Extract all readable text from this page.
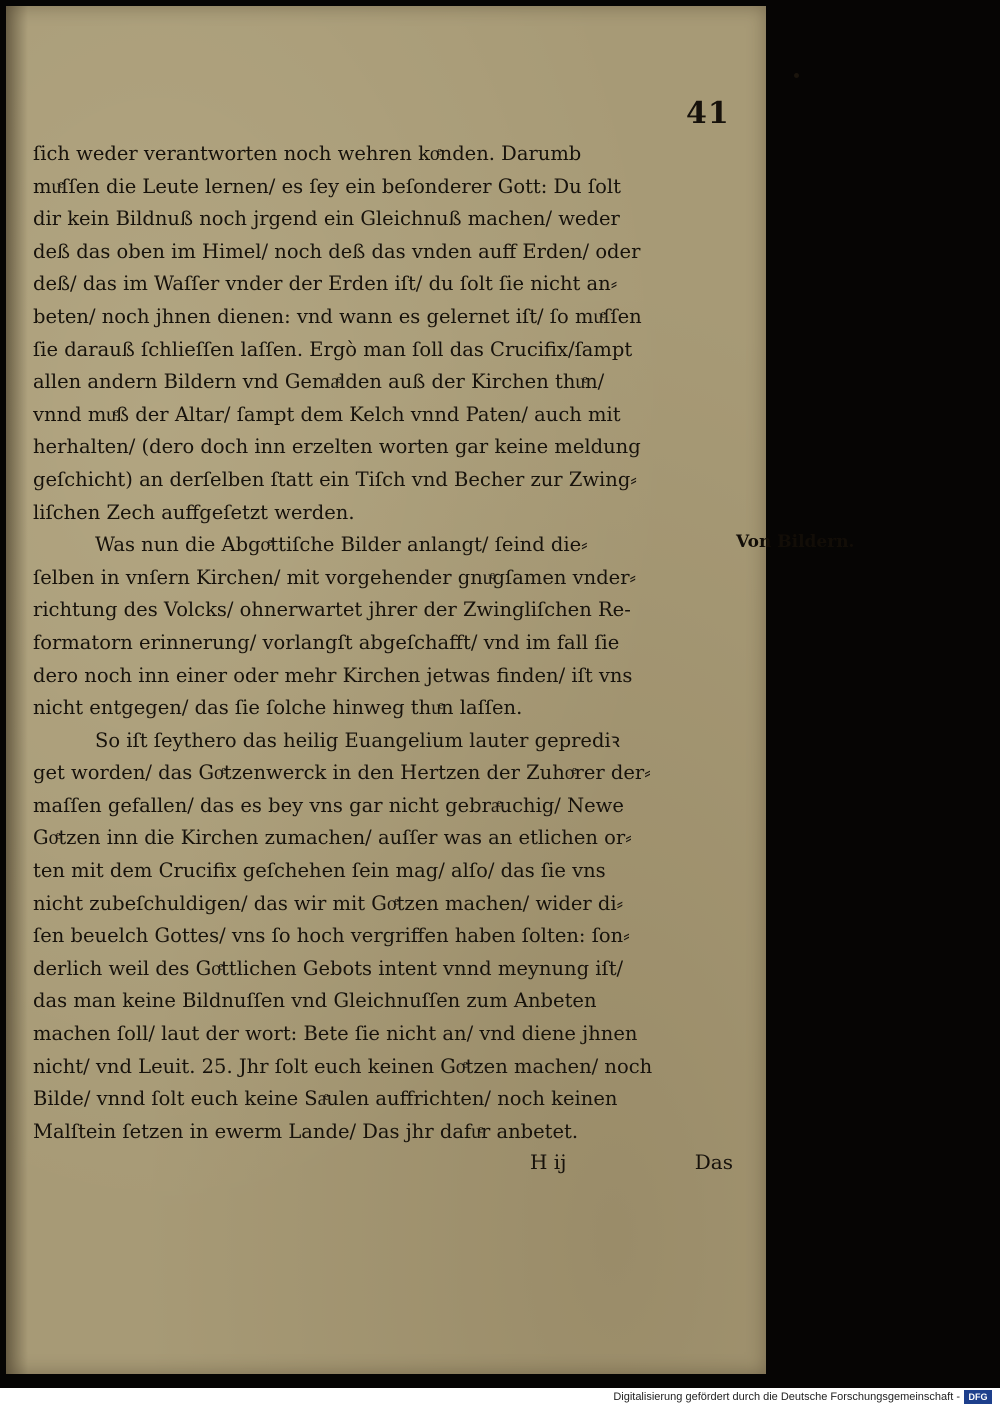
41
ſich weder verantworten noch wehren koͤnden. Darumb
muͤſſen die Leute lernen/ es ſey ein beſonderer Gott: Du ſolt
dir kein Bildnuß noch jrgend ein Gleichnuß machen/ weder
deß das oben im Himel/ noch deß das vnden auff Erden/ oder
deß/ das im Waſſer vnder der Erden iſt/ du ſolt ſie nicht an⸗
beten/ noch jhnen dienen: vnd wann es gelernet iſt/ ſo muͤſſen
ſie darauß ſchlieſſen laſſen. Ergò man ſoll das Crucifix/ſampt
allen andern Bildern vnd Gemaͤlden auß der Kirchen thuͤn/
vnnd muͤß der Altar/ ſampt dem Kelch vnnd Paten/ auch mit
herhalten/ (dero doch inn erzelten worten gar keine meldung
geſchicht) an derſelben ſtatt ein Tiſch vnd Becher zur Zwing⸗
liſchen Zech auffgeſetzt werden.
Was nun die Abgoͤttiſche Bilder anlangt/ ſeind die⸗
ſelben in vnſern Kirchen/ mit vorgehender gnuͤgſamen vnder⸗
richtung des Volcks/ ohnerwartet jhrer der Zwingliſchen Re-
formatorn erinnerung/ vorlangſt abgeſchafft/ vnd im fall ſie
dero noch inn einer oder mehr Kirchen jetwas finden/ iſt vns
nicht entgegen/ das ſie ſolche hinweg thuͤn laſſen.
So iſt ſeythero das heilig Euangelium lauter geprediꝛ
get worden/ das Goͤtzenwerck in den Hertzen der Zuhoͤrer der⸗
maſſen gefallen/ das es bey vns gar nicht gebraͤuchig/ Newe
Goͤtzen inn die Kirchen zumachen/ auſſer was an etlichen or⸗
ten mit dem Crucifix geſchehen ſein mag/ alſo/ das ſie vns
nicht zubeſchuldigen/ das wir mit Goͤtzen machen/ wider di⸗
ſen beuelch Gottes/ vns ſo hoch vergriffen haben ſolten: ſon⸗
derlich weil des Goͤttlichen Gebots intent vnnd meynung iſt/
das man keine Bildnuſſen vnd Gleichnuſſen zum Anbeten
machen ſoll/ laut der wort: Bete ſie nicht an/ vnd diene jhnen
nicht/ vnd Leuit. 25. Jhr ſolt euch keinen Goͤtzen machen/ noch
Bilde/ vnnd ſolt euch keine Saͤulen auffrichten/ noch keinen
Malſtein ſetzen in ewerm Lande/ Das jhr dafuͤr anbetet.
Von Bildern.
H ij	Das
Digitalisierung gefördert durch die Deutsche Forschungsgemeinschaft - DFG
